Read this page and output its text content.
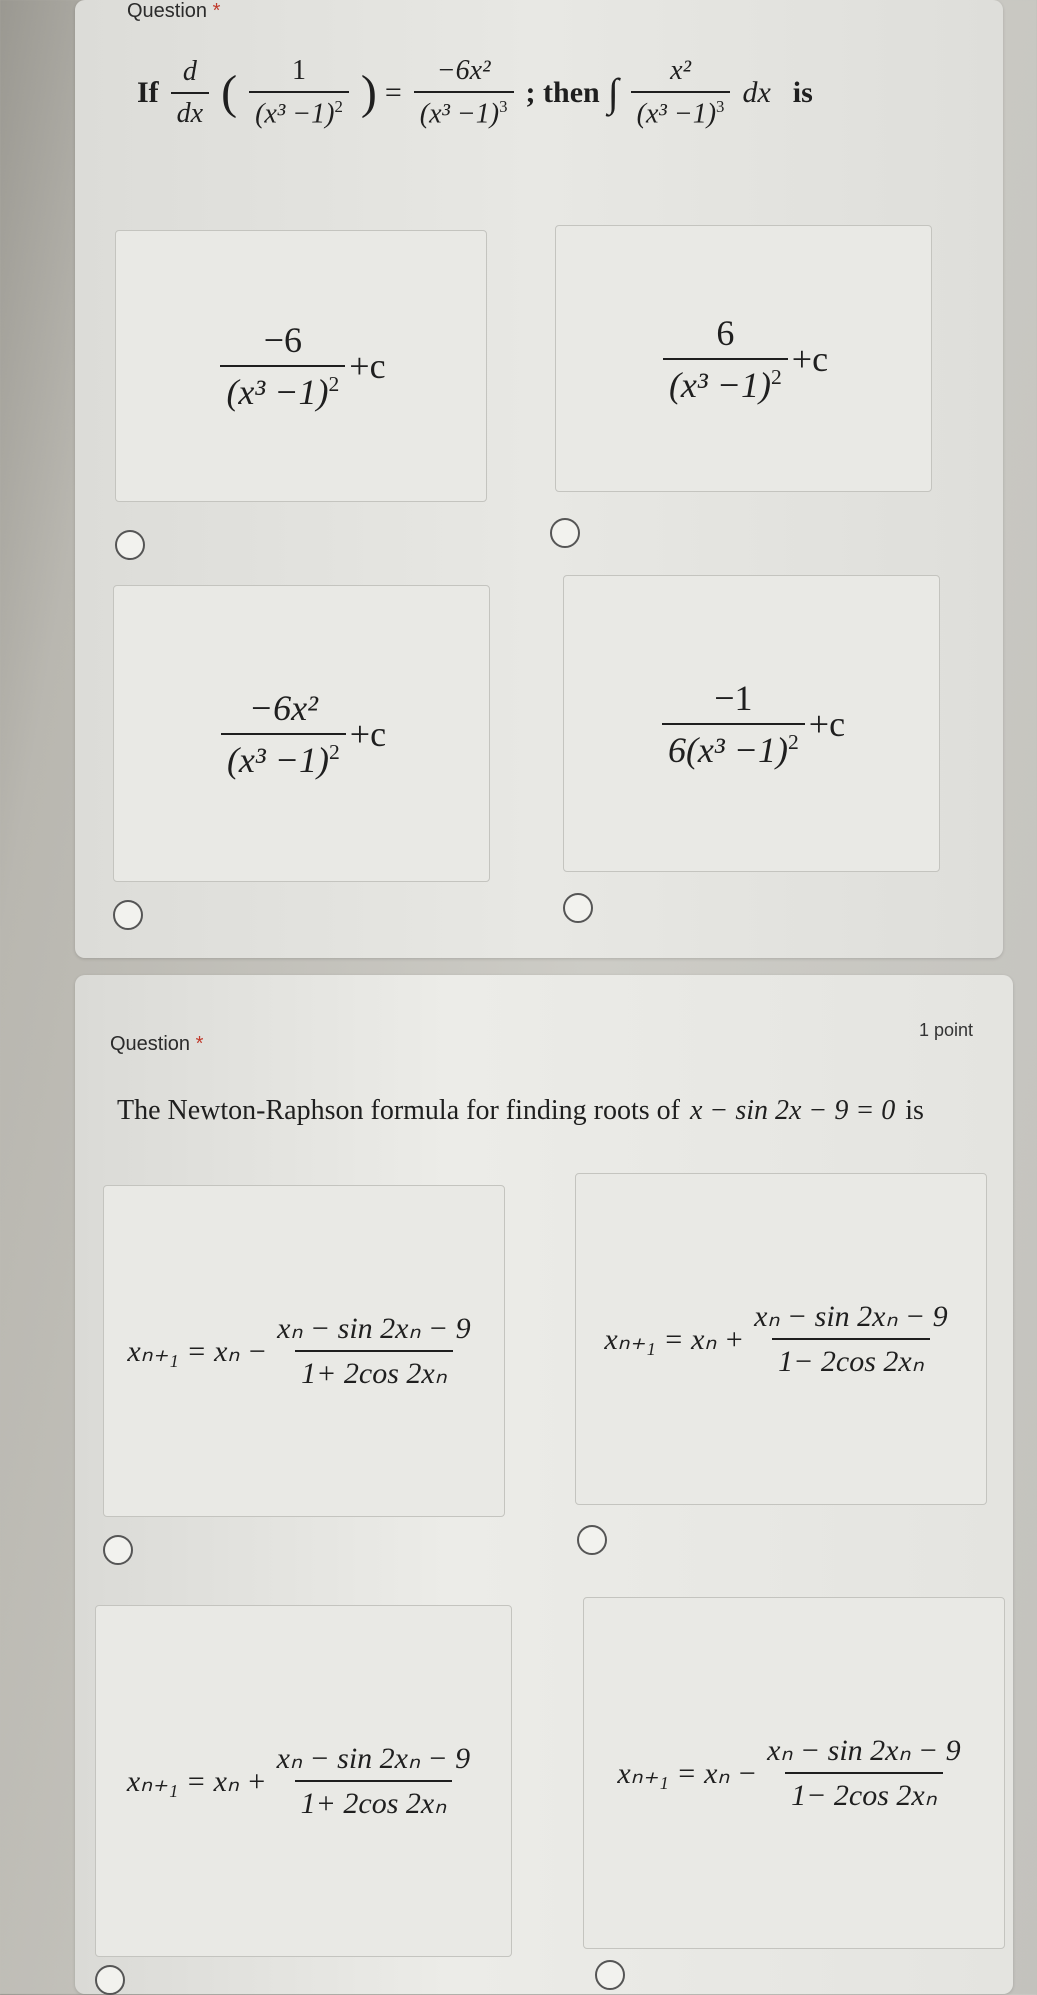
Question *
If $\frac{d}{dx}$ ( $\frac{1}{(x^3 -1)^2}$ ) = $\frac{\text{−6x²}}{(x^3 -1)^3}$ ; then ∫ $\frac{\text{x²}}{(x^3 -1)^3}$ dx is
$\frac{-6}{(x^3 -1)^2} +c$	$\frac{6}{(x^3 -1)^2} +c$
$\frac{\text{−6x²}}{(x^3 -1)^2} +c$	$\frac{-1}{6(x^3 -1)^2} +c$
Question *
1 point
The Newton-Raphson formula for finding roots of x − sin 2x − 9 = 0 is
$x_{n+1} = x_n - \frac{\text{xₙ − sin 2xₙ − 9}}{\text{1+ 2cos 2xₙ}}$	$x_{n+1} = x_n + \frac{\text{xₙ − sin 2xₙ − 9}}{\text{1− 2cos 2xₙ}}$
$x_{n+1} = x_n + \frac{\text{xₙ − sin 2xₙ − 9}}{\text{1+ 2cos 2xₙ}}$	$x_{n+1} = x_n - \frac{\text{xₙ − sin 2xₙ − 9}}{\text{1− 2cos 2xₙ}}$
